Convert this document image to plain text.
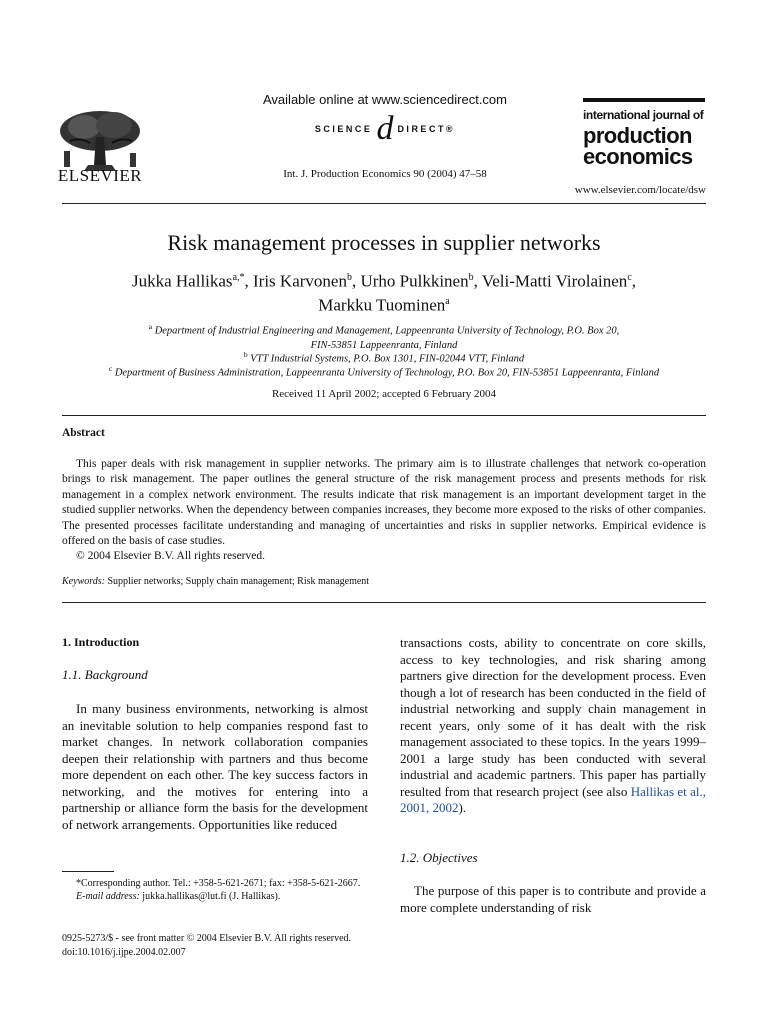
ELSEVIER
Available online at www.sciencedirect.com
SCIENCE d DIRECT®
Int. J. Production Economics 90 (2004) 47–58
international journal of
production
economics
www.elsevier.com/locate/dsw
Risk management processes in supplier networks
Jukka Hallikas$^{a,*}$, Iris Karvonen$^b$, Urho Pulkkinen$^b$, Veli-Matti Virolainen$^c$,
Markku Tuominen$^a$
$^a$ Department of Industrial Engineering and Management, Lappeenranta University of Technology, P.O. Box 20,
FIN-53851 Lappeenranta, Finland
$^b$ VTT Industrial Systems, P.O. Box 1301, FIN-02044 VTT, Finland
$^c$ Department of Business Administration, Lappeenranta University of Technology, P.O. Box 20, FIN-53851 Lappeenranta, Finland
Received 11 April 2002; accepted 6 February 2004
Abstract

This paper deals with risk management in supplier networks. The primary aim is to illustrate challenges that network co-operation brings to risk management. The paper outlines the general structure of the risk management process and presents methods for risk management in a complex network environment. The results indicate that risk management is an important development target in the studied supplier networks. When the dependency between companies increases, they become more exposed to the risks of other companies. The presented processes facilitate understanding and managing of uncertainties and risks in supplier networks. Empirical evidence is offered on the basis of case studies.

© 2004 Elsevier B.V. All rights reserved.

Keywords: Supplier networks; Supply chain management; Risk management
1. Introduction
1.1. Background

In many business environments, networking is almost an inevitable solution to help companies respond fast to market changes. In network collaboration companies deepen their relationship with partners and thus become more dependent on each other. The key success factors in networking, and the motives for entering into a partnership or alliance form the basis for the development of network arrangements. Opportunities like reduced

transactions costs, ability to concentrate on core skills, access to key technologies, and risk sharing among partners give direction for the development process. Even though a lot of research has been conducted in the field of industrial networking and supply chain management in recent years, only some of it has dealt with the risk management associated to these topics. In the years 1999–2001 a large study has been conducted with several industrial and academic partners. This paper has partially resulted from that research project (see also Hallikas et al., 2001, 2002).

1.2. Objectives

The purpose of this paper is to contribute and provide a more complete understanding of risk

*Corresponding author. Tel.: +358-5-621-2671; fax: +358-5-621-2667.
E-mail address: jukka.hallikas@lut.fi (J. Hallikas).
0925-5273/$ - see front matter © 2004 Elsevier B.V. All rights reserved.
doi:10.1016/j.ijpe.2004.02.007
